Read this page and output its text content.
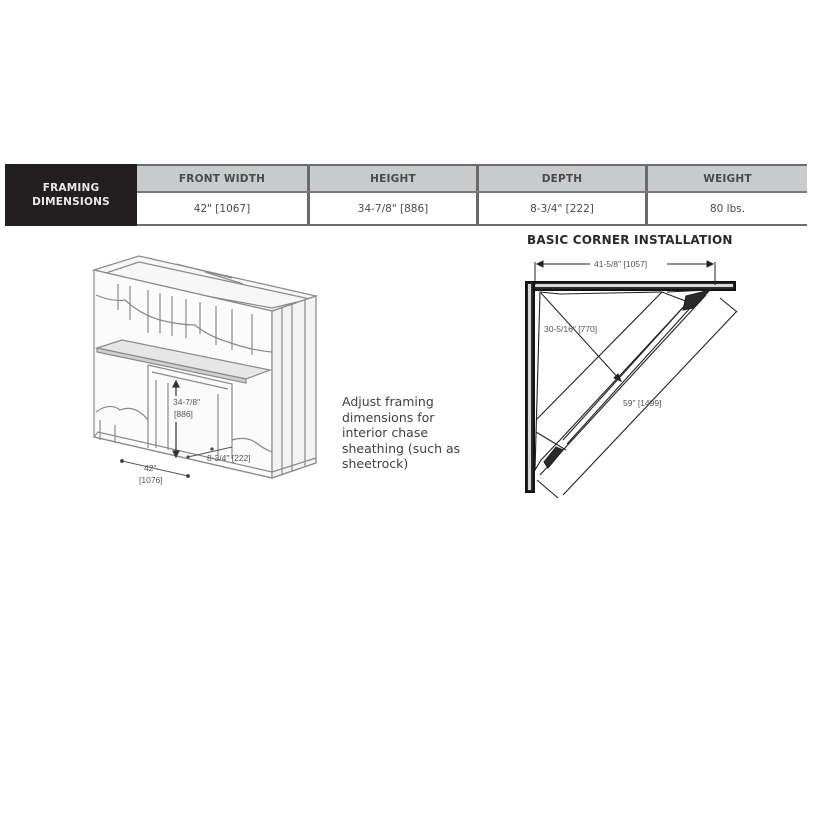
FRAMING
DIMENSIONS
FRONT WIDTH	HEIGHT	DEPTH	WEIGHT
42" [1067]	34-7/8" [886]	8-3/4" [222]	80 lbs.
BASIC CORNER INSTALLATION
34-7/8"
[886]
42"
[1076]
8-3/4" [222]
Adjust framing dimensions for interior chase sheathing (such as sheetrock)
41-5/8" [1057]
30-5/16" [770]
59" [1499]
